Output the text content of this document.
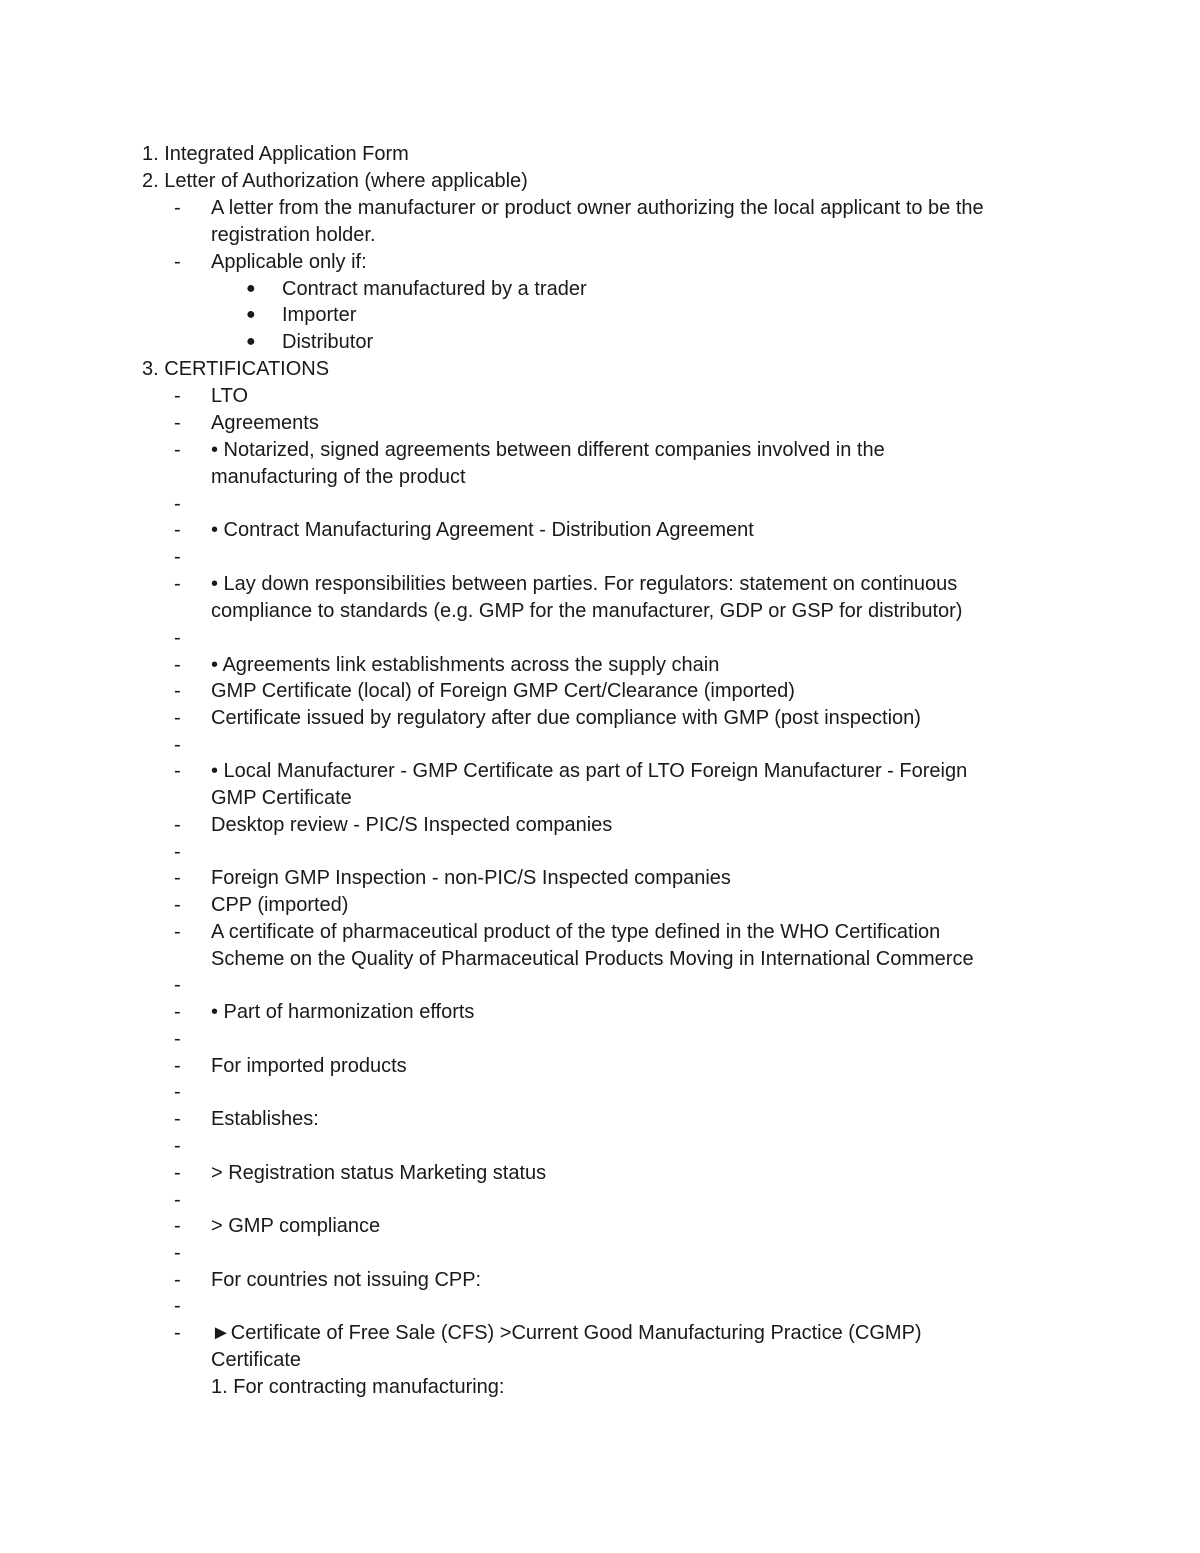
1. Integrated Application Form
2. Letter of Authorization (where applicable)
- A letter from the manufacturer or product owner authorizing the local applicant to be the
registration holder.
- Applicable only if:
● Contract manufactured by a trader
● Importer
● Distributor
3. CERTIFICATIONS
- LTO
- Agreements
- • Notarized, signed agreements between different companies involved in the
manufacturing of the product
-
- • Contract Manufacturing Agreement - Distribution Agreement
-
- • Lay down responsibilities between parties. For regulators: statement on continuous
compliance to standards (e.g. GMP for the manufacturer, GDP or GSP for distributor)
-
- • Agreements link establishments across the supply chain
- GMP Certificate (local) of Foreign GMP Cert/Clearance (imported)
- Certificate issued by regulatory after due compliance with GMP (post inspection)
-
- • Local Manufacturer - GMP Certificate as part of LTO Foreign Manufacturer - Foreign
GMP Certificate
- Desktop review - PIC/S Inspected companies
-
- Foreign GMP Inspection - non-PIC/S Inspected companies
- CPP (imported)
- A certificate of pharmaceutical product of the type defined in the WHO Certification
Scheme on the Quality of Pharmaceutical Products Moving in International Commerce
-
- • Part of harmonization efforts
-
- For imported products
-
- Establishes:
-
- > Registration status Marketing status
-
- > GMP compliance
-
- For countries not issuing CPP:
-
- ►Certificate of Free Sale (CFS) >Current Good Manufacturing Practice (CGMP)
Certificate
1. For contracting manufacturing:
